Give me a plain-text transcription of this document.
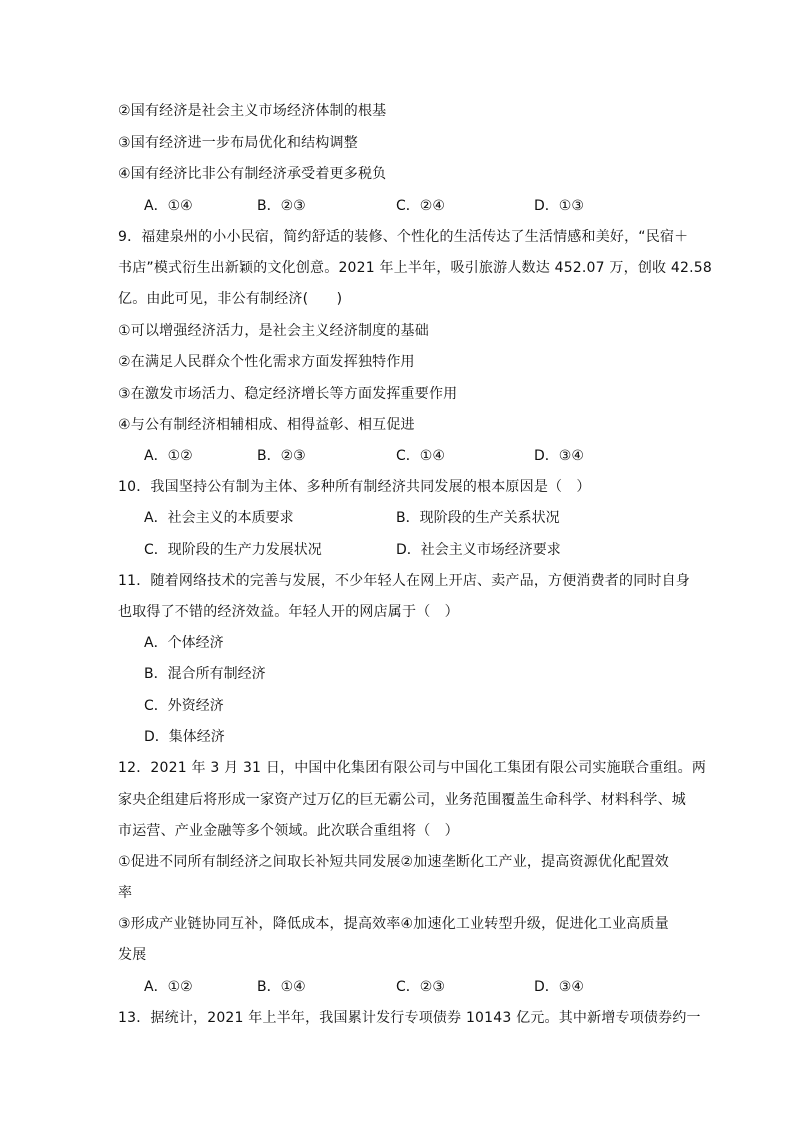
②国有经济是社会主义市场经济体制的根基
③国有经济进一步布局优化和结构调整
④国有经济比非公有制经济承受着更多税负
A．①④	B．②③	C．②④	D．①③
9．福建泉州的小小民宿，简约舒适的装修、个性化的生活传达了生活情感和美好，“民宿＋
书店”模式衍生出新颖的文化创意。2021 年上半年，吸引旅游人数达 452.07 万，创收 42.58
亿。由此可见，非公有制经济(　　)
①可以增强经济活力，是社会主义经济制度的基础
②在满足人民群众个性化需求方面发挥独特作用
③在激发市场活力、稳定经济增长等方面发挥重要作用
④与公有制经济相辅相成、相得益彰、相互促进
A．①②	B．②③	C．①④	D．③④
10．我国坚持公有制为主体、多种所有制经济共同发展的根本原因是（　）
A．社会主义的本质要求	B．现阶段的生产关系状况
C．现阶段的生产力发展状况	D．社会主义市场经济要求
11．随着网络技术的完善与发展，不少年轻人在网上开店、卖产品，方便消费者的同时自身
也取得了不错的经济效益。年轻人开的网店属于（　）
A．个体经济
B．混合所有制经济
C．外资经济
D．集体经济
12．2021 年 3 月 31 日，中国中化集团有限公司与中国化工集团有限公司实施联合重组。两
家央企组建后将形成一家资产过万亿的巨无霸公司，业务范围覆盖生命科学、材料科学、城
市运营、产业金融等多个领域。此次联合重组将（　）
①促进不同所有制经济之间取长补短共同发展②加速垄断化工产业，提高资源优化配置效
率
③形成产业链协同互补，降低成本，提高效率④加速化工业转型升级，促进化工业高质量
发展
A．①②	B．①④	C．②③	D．③④
13．据统计，2021 年上半年，我国累计发行专项债券 10143 亿元。其中新增专项债券约一
